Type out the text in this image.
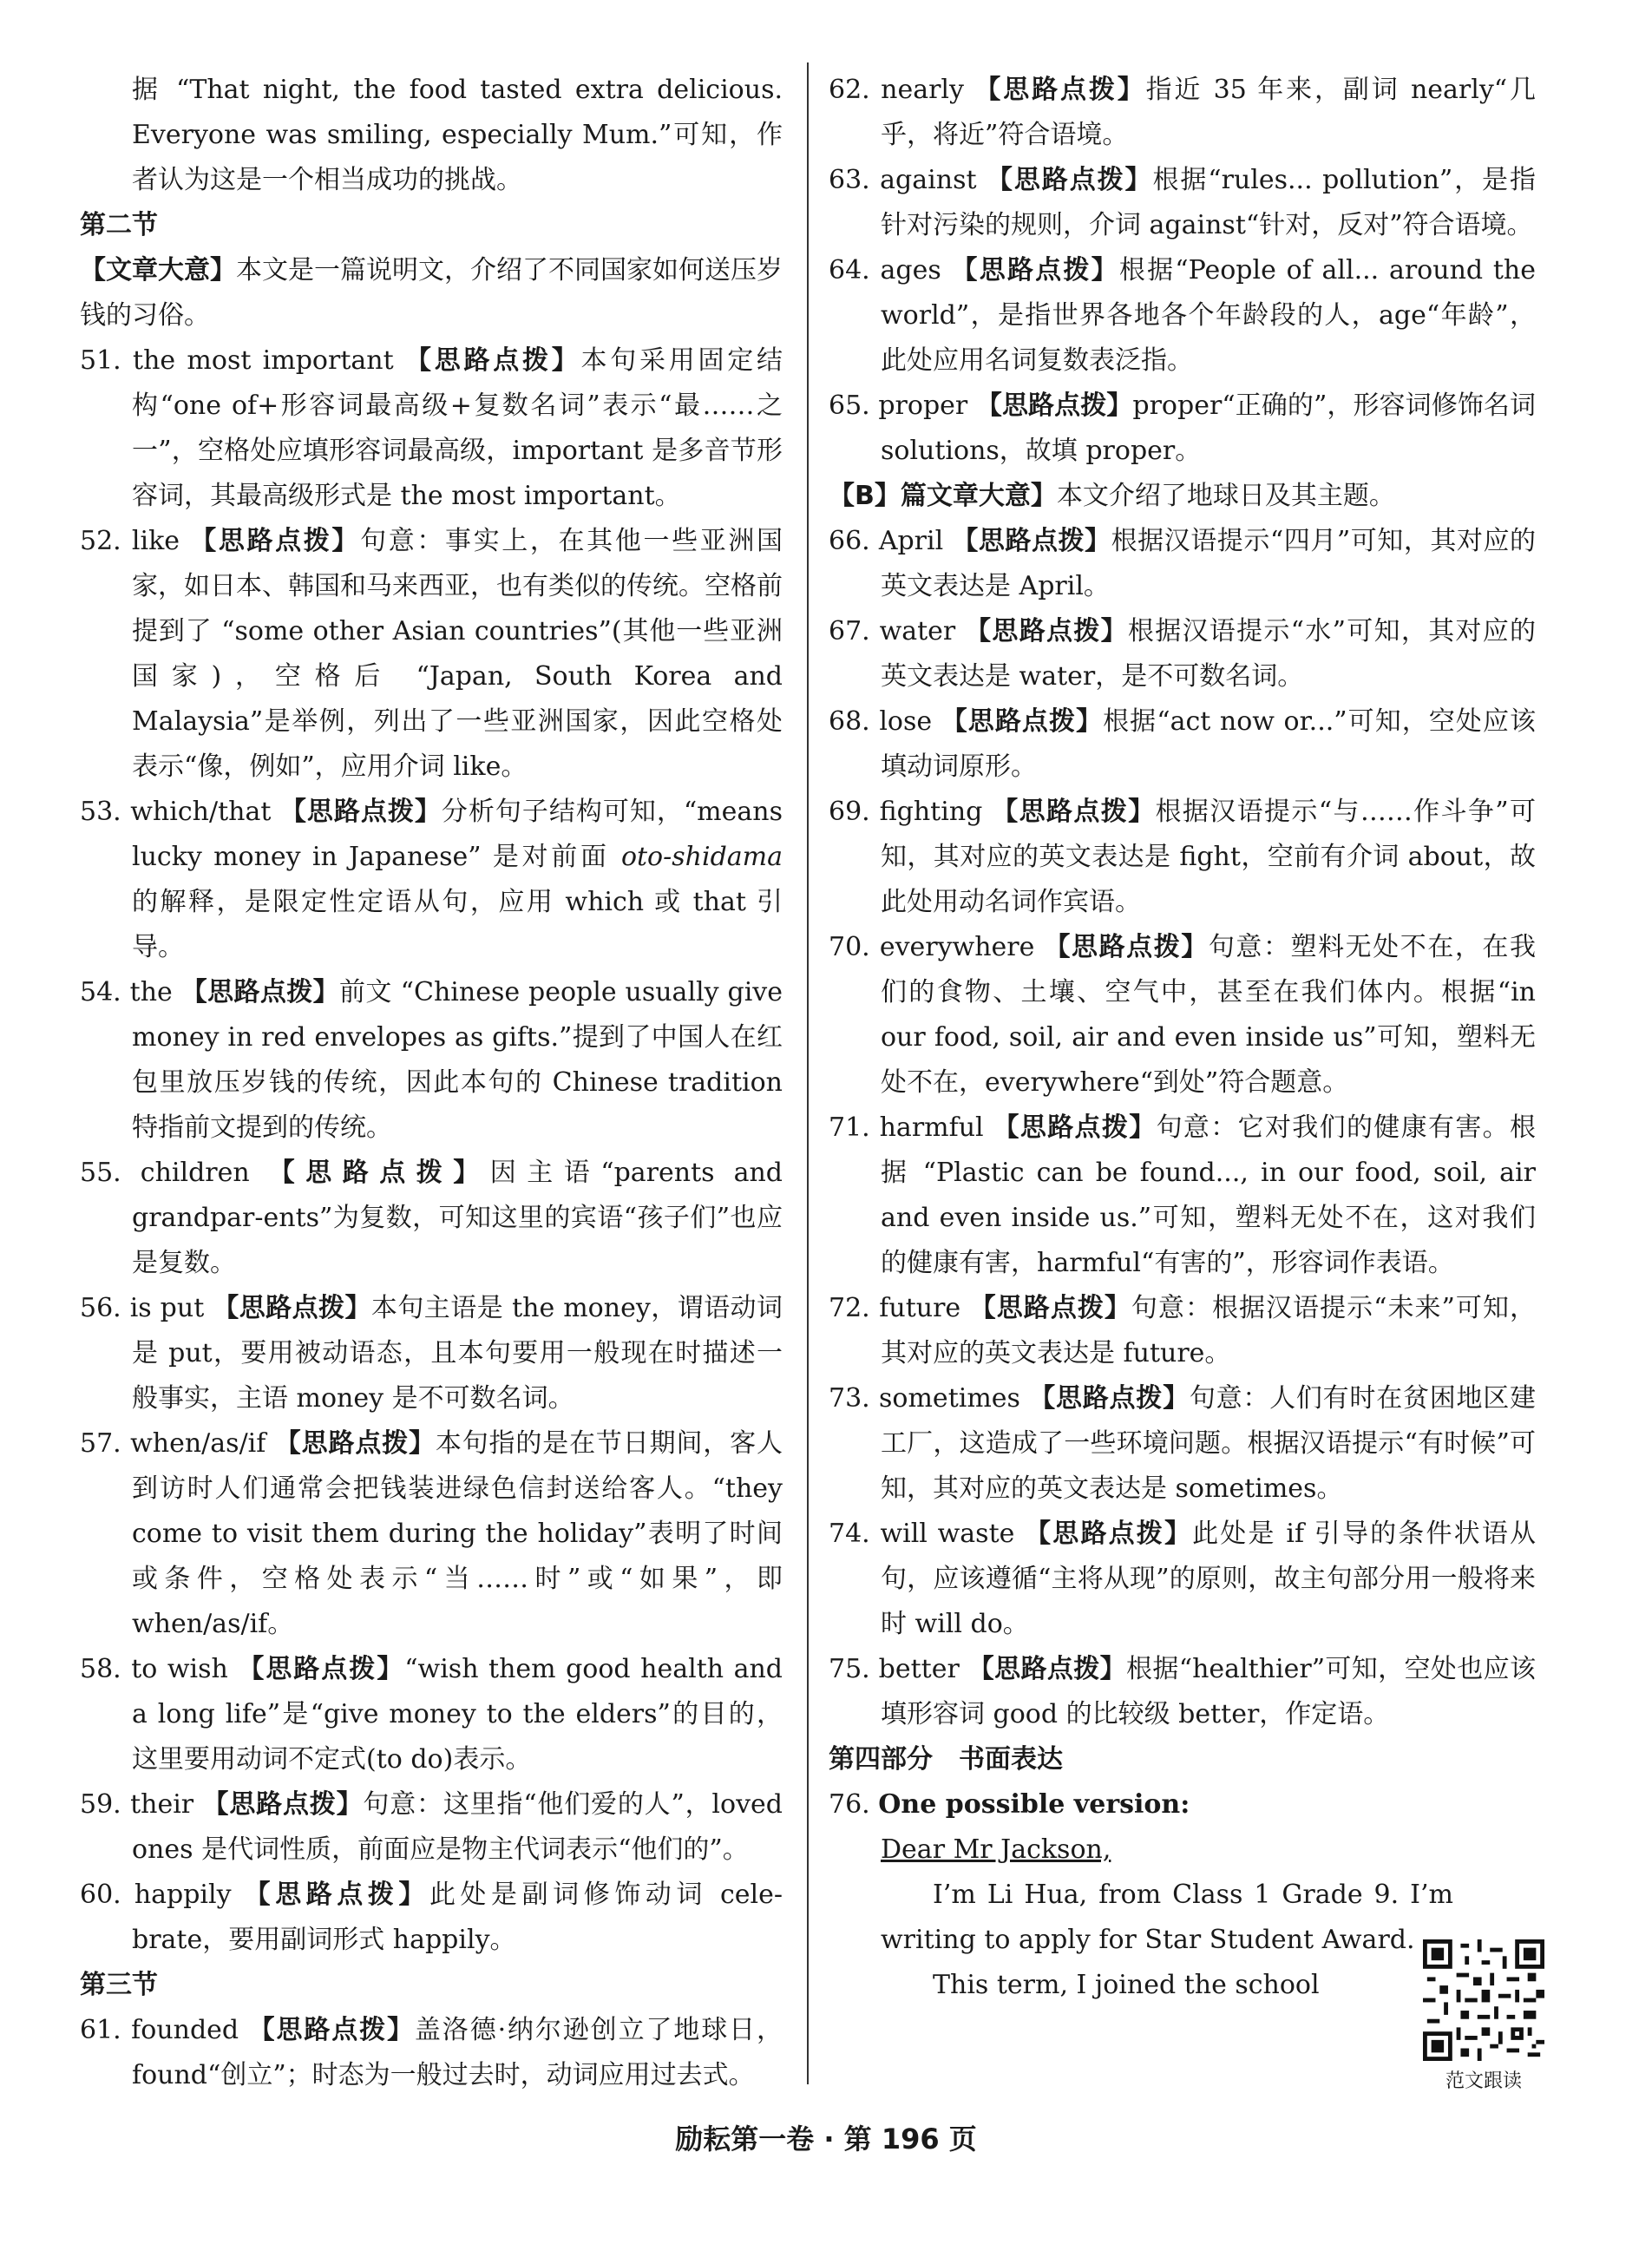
据 “That night, the food tasted extra delicious. Everyone was smiling, especially Mum.”可知，作者认为这是一个相当成功的挑战。

第二节

【文章大意】本文是一篇说明文，介绍了不同国家如何送压岁钱的习俗。

51. the most important 【思路点拨】本句采用固定结构“one of+形容词最高级+复数名词”表示“最……之一”，空格处应填形容词最高级，important 是多音节形容词，其最高级形式是 the most important。

52. like 【思路点拨】句意：事实上，在其他一些亚洲国家，如日本、韩国和马来西亚，也有类似的传统。空格前提到了 “some other Asian countries”(其他一些亚洲国家)，空格后 “Japan, South Korea and Malaysia”是举例，列出了一些亚洲国家，因此空格处表示“像，例如”，应用介词 like。

53. which/that 【思路点拨】分析句子结构可知，“means lucky money in Japanese” 是对前面 oto-shidama 的解释，是限定性定语从句，应用 which 或 that 引导。

54. the 【思路点拨】前文 “Chinese people usually give money in red envelopes as gifts.”提到了中国人在红包里放压岁钱的传统，因此本句的 Chinese tradition 特指前文提到的传统。

55. children 【思路点拨】因主语“parents and grandpar-ents”为复数，可知这里的宾语“孩子们”也应是复数。

56. is put 【思路点拨】本句主语是 the money，谓语动词是 put，要用被动语态，且本句要用一般现在时描述一般事实，主语 money 是不可数名词。

57. when/as/if 【思路点拨】本句指的是在节日期间，客人到访时人们通常会把钱装进绿色信封送给客人。“they come to visit them during the holiday”表明了时间或条件，空格处表示“当……时”或“如果”，即 when/as/if。

58. to wish 【思路点拨】“wish them good health and a long life”是“give money to the elders”的目的，这里要用动词不定式(to do)表示。

59. their 【思路点拨】句意：这里指“他们爱的人”，loved ones 是代词性质，前面应是物主代词表示“他们的”。

60. happily 【思路点拨】此处是副词修饰动词 cele-brate，要用副词形式 happily。

第三节

61. founded 【思路点拨】盖洛德·纳尔逊创立了地球日，found“创立”；时态为一般过去时，动词应用过去式。

62. nearly 【思路点拨】指近 35 年来，副词 nearly“几乎，将近”符合语境。

63. against 【思路点拨】根据“rules... pollution”，是指针对污染的规则，介词 against“针对，反对”符合语境。

64. ages 【思路点拨】根据“People of all... around the world”，是指世界各地各个年龄段的人，age“年龄”，此处应用名词复数表泛指。

65. proper 【思路点拨】proper“正确的”，形容词修饰名词 solutions，故填 proper。

【B】篇文章大意】本文介绍了地球日及其主题。

66. April 【思路点拨】根据汉语提示“四月”可知，其对应的英文表达是 April。

67. water 【思路点拨】根据汉语提示“水”可知，其对应的英文表达是 water，是不可数名词。

68. lose 【思路点拨】根据“act now or...”可知，空处应该填动词原形。

69. fighting 【思路点拨】根据汉语提示“与……作斗争”可知，其对应的英文表达是 fight，空前有介词 about，故此处用动名词作宾语。

70. everywhere 【思路点拨】句意：塑料无处不在，在我们的食物、土壤、空气中，甚至在我们体内。根据“in our food, soil, air and even inside us”可知，塑料无处不在，everywhere“到处”符合题意。

71. harmful 【思路点拨】句意：它对我们的健康有害。根据 “Plastic can be found..., in our food, soil, air and even inside us.”可知，塑料无处不在，这对我们的健康有害，harmful“有害的”，形容词作表语。

72. future 【思路点拨】句意：根据汉语提示“未来”可知，其对应的英文表达是 future。

73. sometimes 【思路点拨】句意：人们有时在贫困地区建工厂，这造成了一些环境问题。根据汉语提示“有时候”可知，其对应的英文表达是 sometimes。

74. will waste 【思路点拨】此处是 if 引导的条件状语从句，应该遵循“主将从现”的原则，故主句部分用一般将来时 will do。

75. better 【思路点拨】根据“healthier”可知，空处也应该填形容词 good 的比较级 better，作定语。

第四部分　书面表达

76. One possible version:

Dear Mr Jackson,

I’m Li Hua, from Class 1 Grade 9. I’m writing to apply for Star Student Award.

This term, I joined the school

范文跟读
励耘第一卷 · 第 196 页
